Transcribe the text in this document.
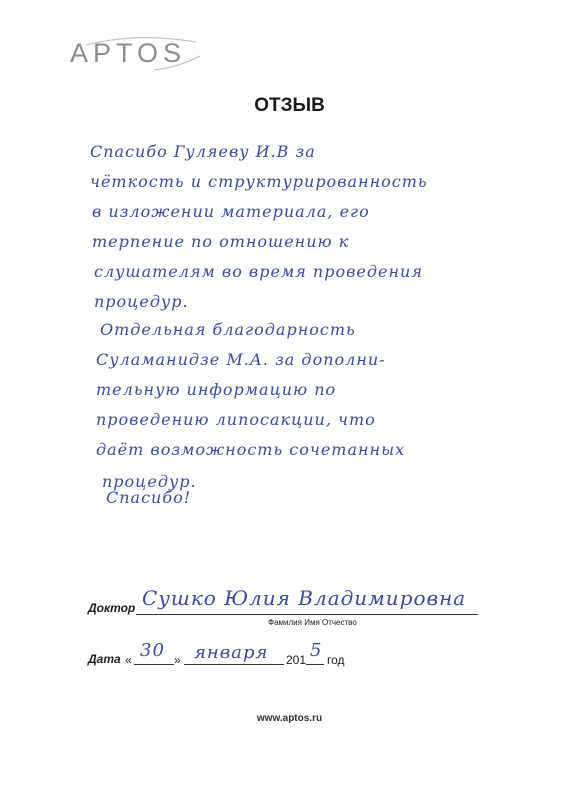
APTOS
ОТЗЫВ
Спасибо Гуляеву И.В за
чёткость и структурированность
в изложении материала, его
терпение по отношению к
слушателям во время проведения
процедур.
Отдельная благодарность
Суламанидзе М.А. за дополни-
тельную информацию по
проведению липосакции, что
даёт возможность сочетанных
процедур.
Спасибо!
Доктор Сушко Юлия Владимировна
Фамилия Имя Отчество
Дата « 30 » января 201 5 год
www.aptos.ru
